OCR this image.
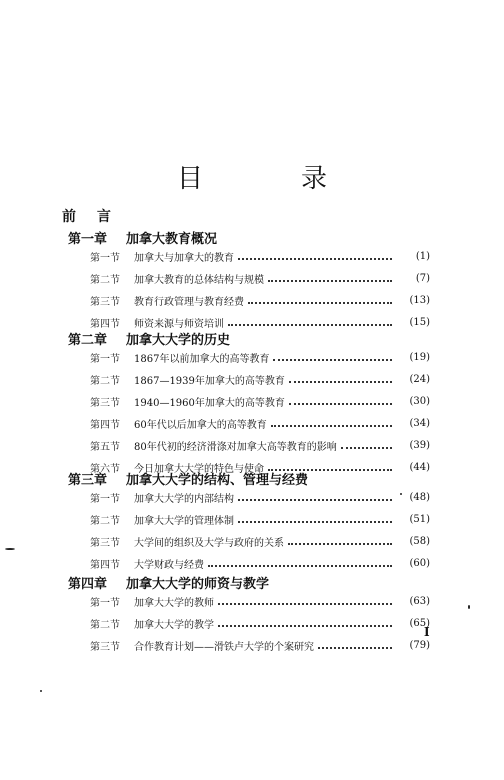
目　录
前 言
第一章 加拿大教育概况
第一节	加拿大与加拿大的教育	(1)
第二节	加拿大教育的总体结构与规模	(7)
第三节	教育行政管理与教育经费	(13)
第四节	师资来源与师资培训	(15)
第二章 加拿大大学的历史
第一节	1867年以前加拿大的高等教育	(19)
第二节	1867—1939年加拿大的高等教育	(24)
第三节	1940—1960年加拿大的高等教育	(30)
第四节	60年代以后加拿大的高等教育	(34)
第五节	80年代初的经济滑涤对加拿大高等教育的影响	(39)
第六节	今日加拿大大学的特色与使命	(44)
第三章 加拿大大学的结构、管理与经费
第一节	加拿大大学的内部结构	(48)
第二节	加拿大大学的管理体制	(51)
第三节	大学间的组织及大学与政府的关系	(58)
第四节	大学财政与经费	(60)
第四章 加拿大大学的师资与教学
第一节	加拿大大学的教师	(63)
第二节	加拿大大学的教学	(65)
第三节	合作教育计划——滑铁卢大学的个案研究	(79)
I
